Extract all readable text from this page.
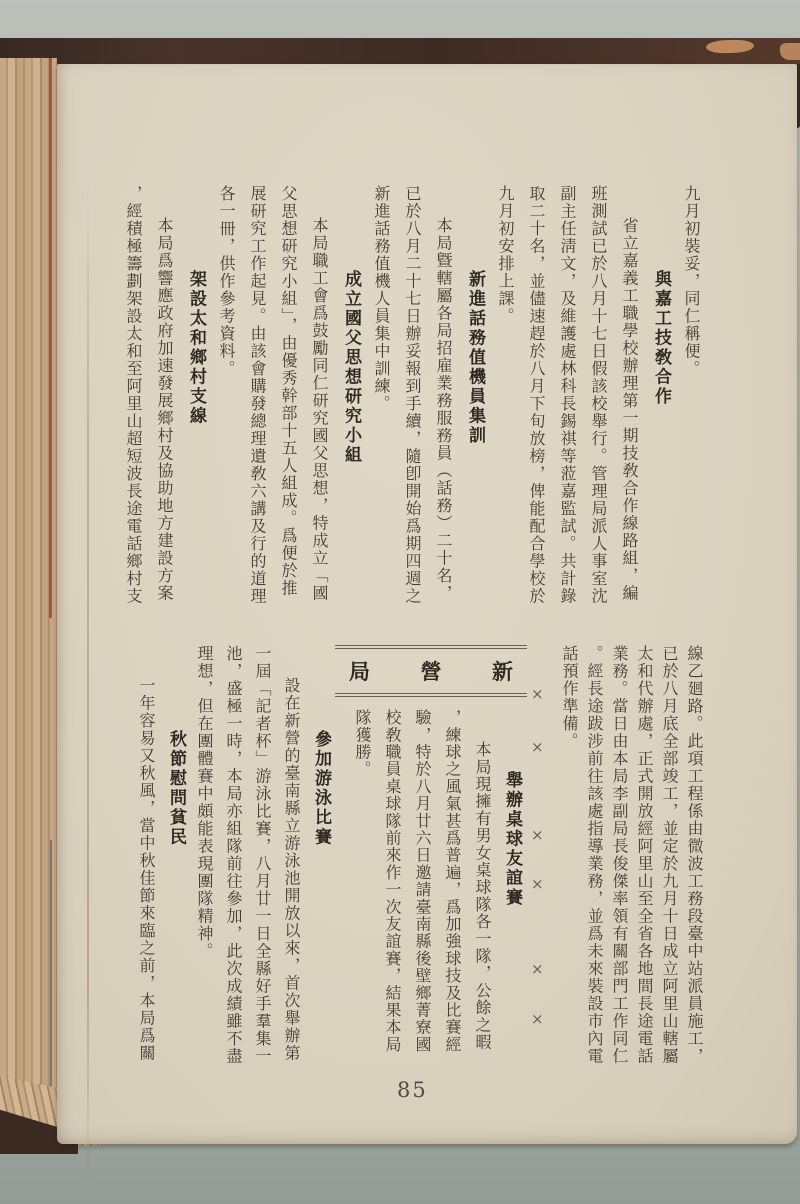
九月初裝妥，同仁稱便。

與嘉工技敎合作

省立嘉義工職學校辦理第一期技敎合作線路組，編班測試已於八月十七日假該校舉行。管理局派人事室沈副主任淸文，及維護處林科長錫祺等蒞嘉監試。共計錄取二十名，並儘速趕於八月下旬放榜，俾能配合學校於九月初安排上課。

新進話務值機員集訓

本局曁轄屬各局招雇業務服務員（話務）二十名，已於八月二十七日辦妥報到手續，隨卽開始爲期四週之新進話務值機人員集中訓練。

成立國父思想研究小組

本局職工會爲鼓勵同仁研究國父思想，特成立「國父思想研究小組」，由優秀幹部十五人組成。爲便於推展研究工作起見。由該會購發總理遺敎六講及行的道理各一冊，供作參考資料。

架設太和鄉村支線

本局爲響應政府加速發展鄉村及協助地方建設方案，經積極籌劃架設太和至阿里山超短波長途電話鄉村支

參加游泳比賽

設在新營的臺南縣立游泳池開放以來，首次舉辦第一屆「記者杯」游泳比賽，八月廿一日全縣好手羣集一池，盛極一時，本局亦組隊前往參加，此次成績雖不盡理想，但在團體賽中頗能表現團隊精神。

秋節慰問貧民

一年容易又秋風，當中秋佳節來臨之前，本局爲關

新
營
局
舉辦桌球友誼賽

本局現擁有男女桌球隊各一隊，公餘之暇，練球之風氣甚爲普遍，爲加強球技及比賽經驗，特於八月廿六日邀請臺南縣後壁鄉菁寮國校敎職員桌球隊前來作一次友誼賽，結果本局隊獲勝。

×
×
×
×
×
×	線乙廻路。此項工程係由微波工務段臺中站派員施工，已於八月底全部竣工，並定於九月十日成立阿里山轄屬太和代辦處，正式開放經阿里山至全省各地間長途電話業務。當日由本局李副局長俊傑率領有關部門工作同仁。經長途跋涉前往該處指導業務，並爲未來裝設市內電話預作準備。

85
